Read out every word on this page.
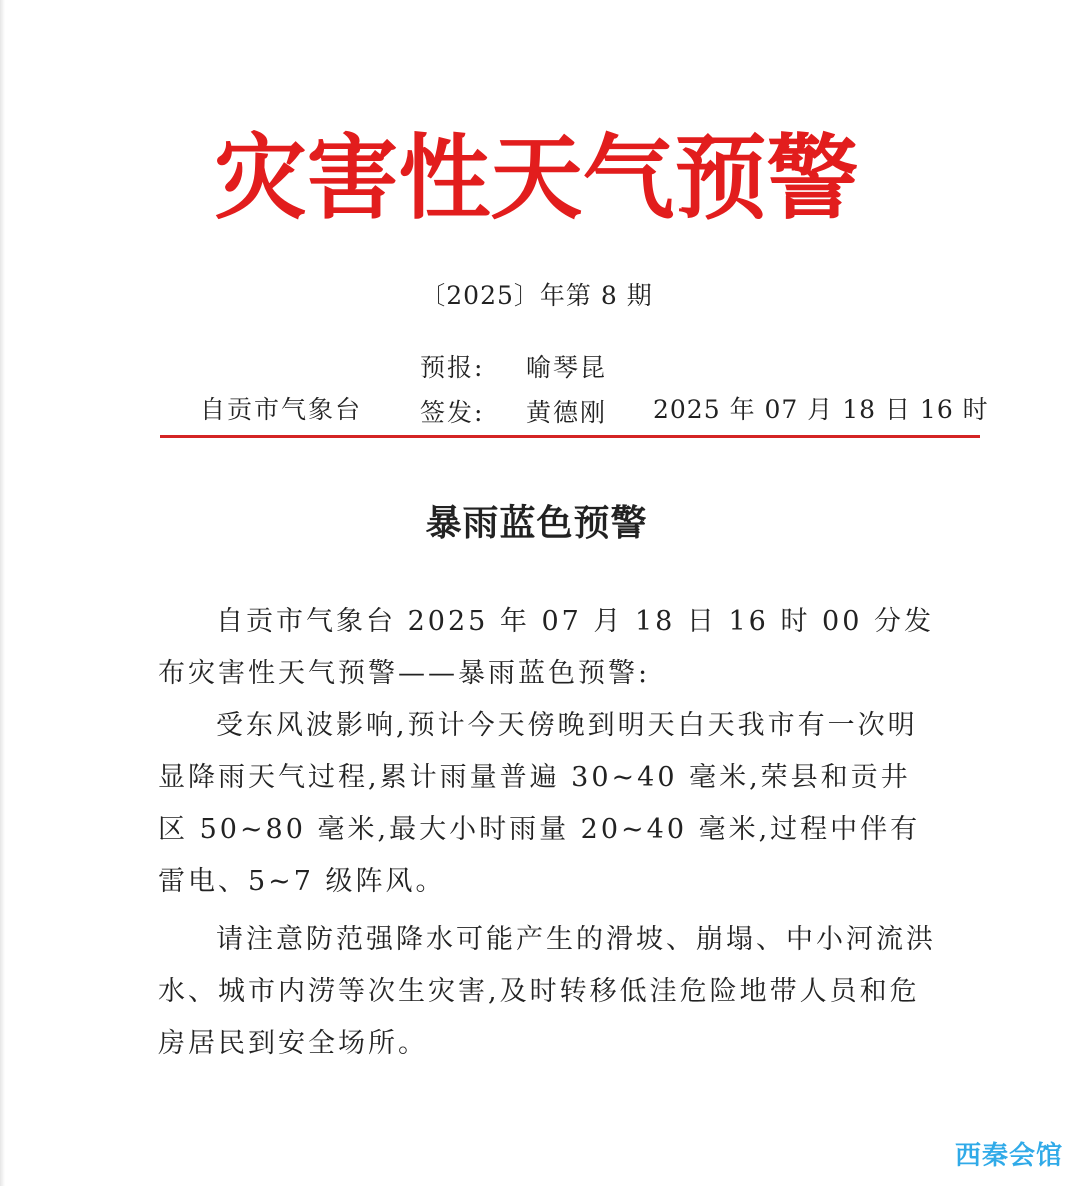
灾害性天气预警
〔2025〕年第 8 期
预报: 喻琴昆
自贡市气象台 签发: 黄德刚 2025 年 07 月 18 日 16 时
暴雨蓝色预警

自贡市气象台 2025 年 07 月 18 日 16 时 00 分发布灾害性天气预警——暴雨蓝色预警:

受东风波影响,预计今天傍晚到明天白天我市有一次明显降雨天气过程,累计雨量普遍 30~40 毫米,荣县和贡井区 50~80 毫米,最大小时雨量 20~40 毫米,过程中伴有雷电、5~7 级阵风。

请注意防范强降水可能产生的滑坡、崩塌、中小河流洪水、城市内涝等次生灾害,及时转移低洼危险地带人员和危房居民到安全场所。

西秦会馆
